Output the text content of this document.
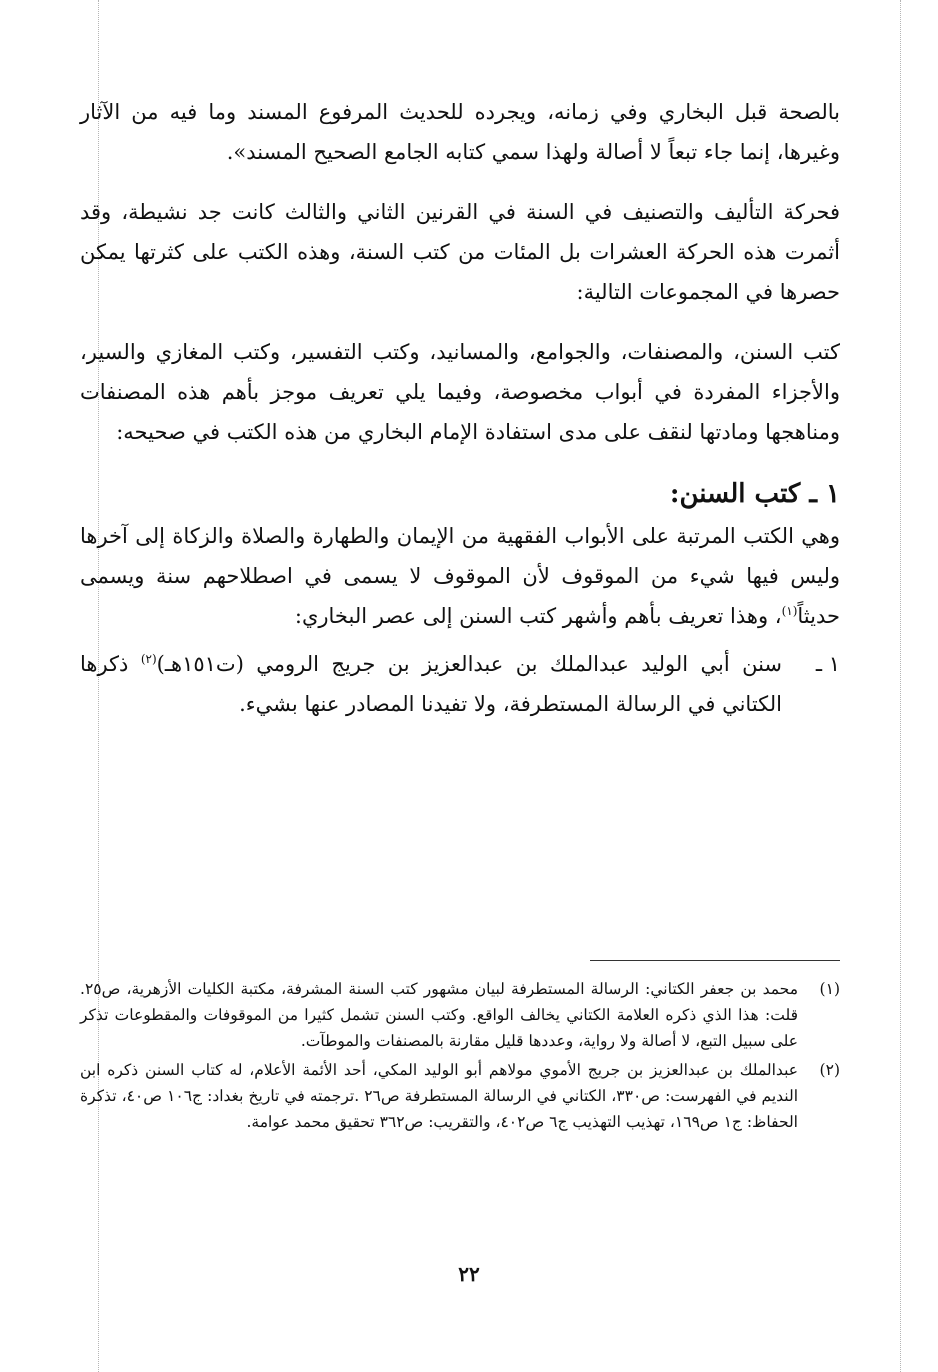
بالصحة قبل البخاري وفي زمانه، ويجرده للحديث المرفوع المسند وما فيه من الآثار وغيرها، إنما جاء تبعاً لا أصالة ولهذا سمي كتابه الجامع الصحيح المسند».

فحركة التأليف والتصنيف في السنة في القرنين الثاني والثالث كانت جد نشيطة، وقد أثمرت هذه الحركة العشرات بل المئات من كتب السنة، وهذه الكتب على كثرتها يمكن حصرها في المجموعات التالية:

كتب السنن، والمصنفات، والجوامع، والمسانيد، وكتب التفسير، وكتب المغازي والسير، والأجزاء المفردة في أبواب مخصوصة، وفيما يلي تعريف موجز بأهم هذه المصنفات ومناهجها ومادتها لنقف على مدى استفادة الإمام البخاري من هذه الكتب في صحيحه:

١ ـ كتب السنن:

وهي الكتب المرتبة على الأبواب الفقهية من الإيمان والطهارة والصلاة والزكاة إلى آخرها وليس فيها شيء من الموقوف لأن الموقوف لا يسمى في اصطلاحهم سنة ويسمى حديثاً$^{(١)}$، وهذا تعريف بأهم وأشهر كتب السنن إلى عصر البخاري:

١ ـ
سنن أبي الوليد عبدالملك بن عبدالعزيز بن جريج الرومي (ت١٥١هـ)$^{(٢)}$ ذكرها الكتاني في الرسالة المستطرفة، ولا تفيدنا المصادر عنها بشيء.
(١)
محمد بن جعفر الكتاني: الرسالة المستطرفة لبيان مشهور كتب السنة المشرفة، مكتبة الكليات الأزهرية، ص٢٥. قلت: هذا الذي ذكره العلامة الكتاني يخالف الواقع. وكتب السنن تشمل كثيرا من الموقوفات والمقطوعات تذكر على سبيل التبع، لا أصالة ولا رواية، وعددها قليل مقارنة بالمصنفات والموطآت.
(٢)
عبدالملك بن عبدالعزيز بن جريج الأموي مولاهم أبو الوليد المكي، أحد الأئمة الأعلام، له كتاب السنن ذكره ابن النديم في الفهرست: ص٣٣٠، الكتاني في الرسالة المستطرفة ص٢٦ .ترجمته في تاريخ بغداد: ج١٠٦ ص٤٠، تذكرة الحفاظ: ج١ ص١٦٩، تهذيب التهذيب ج٦ ص٤٠٢، والتقريب: ص٣٦٢ تحقيق محمد عوامة.
٢٢
